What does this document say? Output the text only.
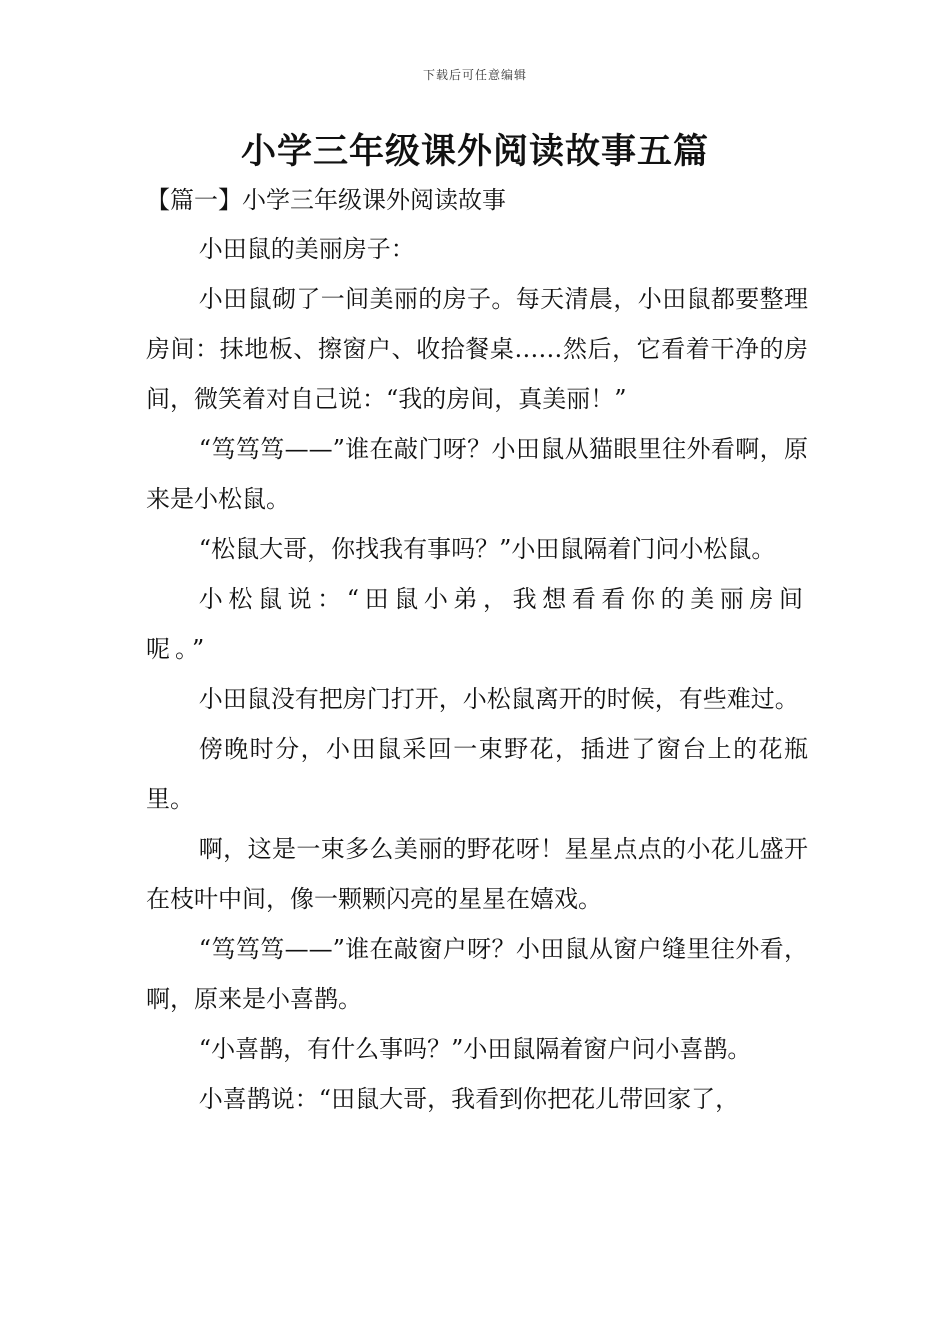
下载后可任意编辑
小学三年级课外阅读故事五篇
【篇一】小学三年级课外阅读故事

小田鼠的美丽房子：

小田鼠砌了一间美丽的房子。每天清晨，小田鼠都要整理房间：抹地板、擦窗户、收拾餐桌……然后，它看着干净的房间，微笑着对自己说：“我的房间，真美丽！”

“笃笃笃——”谁在敲门呀？小田鼠从猫眼里往外看啊，原来是小松鼠。

“松鼠大哥，你找我有事吗？”小田鼠隔着门问小松鼠。

小松鼠说：“田鼠小弟，我想看看你的美丽房间呢。”

小田鼠没有把房门打开，小松鼠离开的时候，有些难过。

傍晚时分，小田鼠采回一束野花，插进了窗台上的花瓶里。

啊，这是一束多么美丽的野花呀！星星点点的小花儿盛开在枝叶中间，像一颗颗闪亮的星星在嬉戏。

“笃笃笃——”谁在敲窗户呀？小田鼠从窗户缝里往外看，啊，原来是小喜鹊。

“小喜鹊，有什么事吗？”小田鼠隔着窗户问小喜鹊。

小喜鹊说：“田鼠大哥，我看到你把花儿带回家了，
